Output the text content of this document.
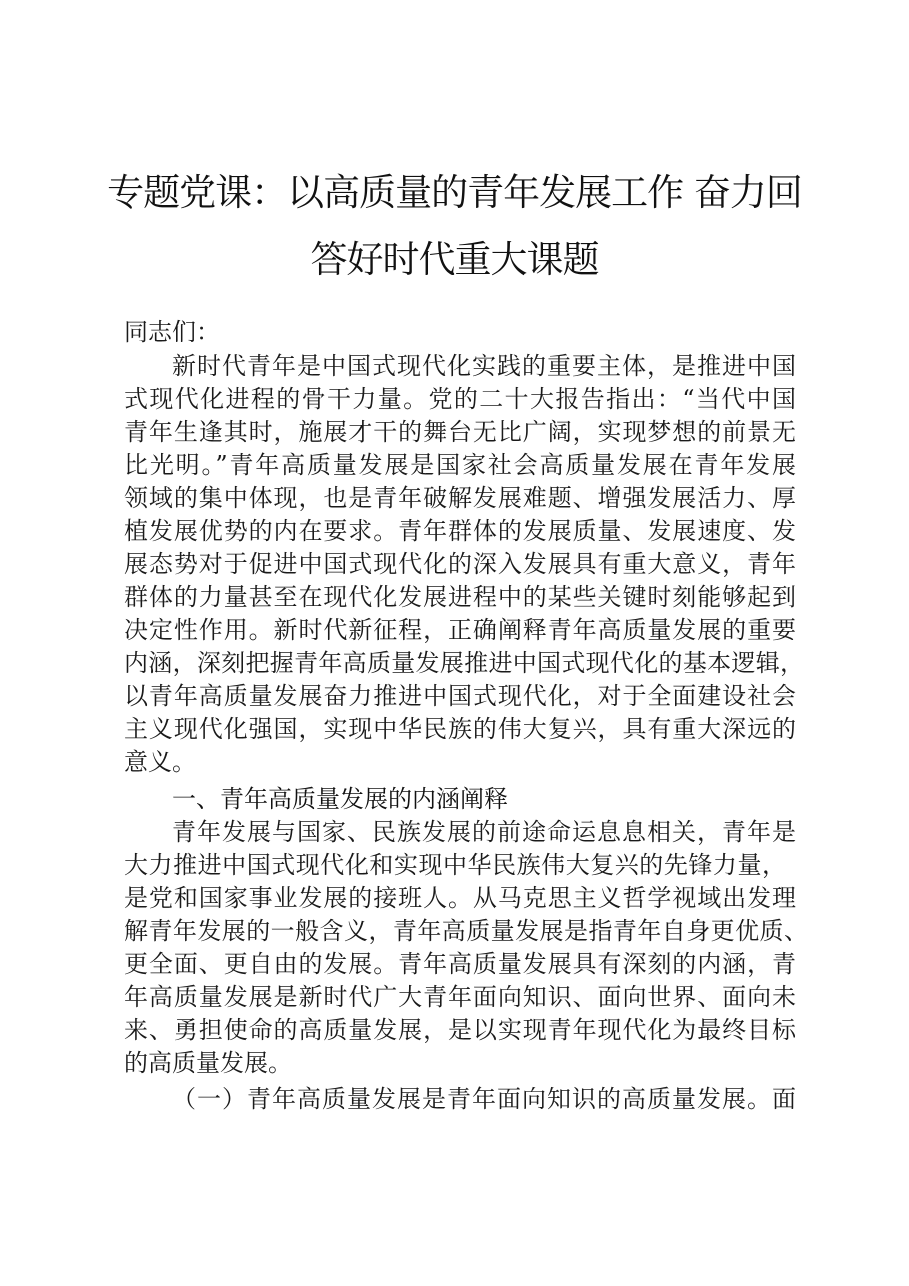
专题党课：以高质量的青年发展工作 奋力回
答好时代重大课题
同志们：
新时代青年是中国式现代化实践的重要主体，是推进中国
式现代化进程的骨干力量。党的二十大报告指出：“当代中国
青年生逢其时，施展才干的舞台无比广阔，实现梦想的前景无
比光明。”青年高质量发展是国家社会高质量发展在青年发展
领域的集中体现，也是青年破解发展难题、增强发展活力、厚
植发展优势的内在要求。青年群体的发展质量、发展速度、发
展态势对于促进中国式现代化的深入发展具有重大意义，青年
群体的力量甚至在现代化发展进程中的某些关键时刻能够起到
决定性作用。新时代新征程，正确阐释青年高质量发展的重要
内涵，深刻把握青年高质量发展推进中国式现代化的基本逻辑，
以青年高质量发展奋力推进中国式现代化，对于全面建设社会
主义现代化强国，实现中华民族的伟大复兴，具有重大深远的
意义。
一、青年高质量发展的内涵阐释
青年发展与国家、民族发展的前途命运息息相关，青年是
大力推进中国式现代化和实现中华民族伟大复兴的先锋力量，
是党和国家事业发展的接班人。从马克思主义哲学视域出发理
解青年发展的一般含义，青年高质量发展是指青年自身更优质、
更全面、更自由的发展。青年高质量发展具有深刻的内涵，青
年高质量发展是新时代广大青年面向知识、面向世界、面向未
来、勇担使命的高质量发展，是以实现青年现代化为最终目标
的高质量发展。
（一）青年高质量发展是青年面向知识的高质量发展。面
